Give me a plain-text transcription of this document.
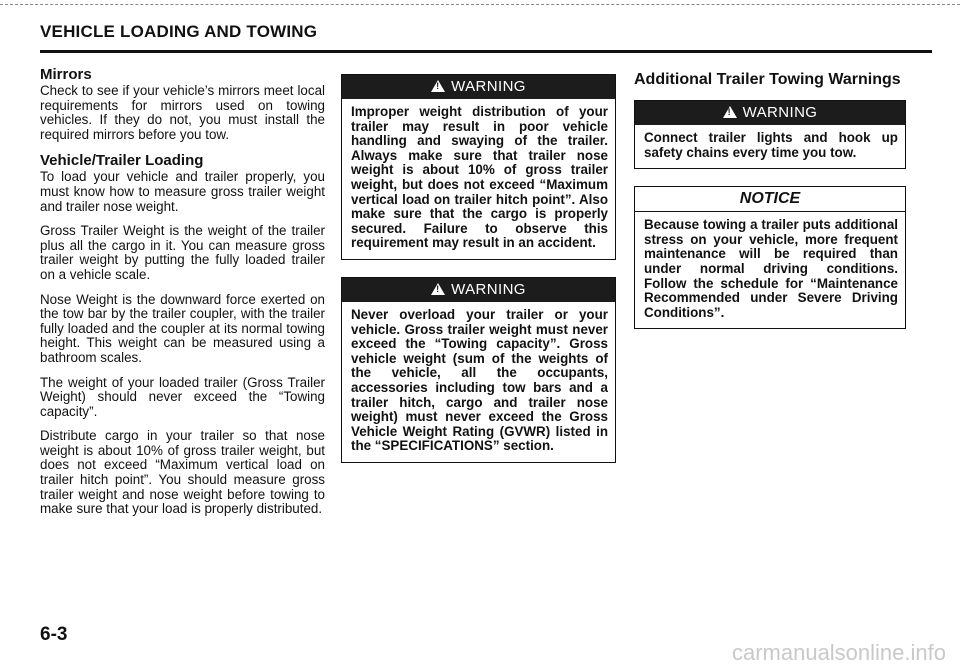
VEHICLE LOADING AND TOWING
Mirrors

Check to see if your vehicle’s mirrors meet local requirements for mirrors used on towing vehicles. If they do not, you must install the required mirrors before you tow.

Vehicle/Trailer Loading

To load your vehicle and trailer properly, you must know how to measure gross trailer weight and trailer nose weight.

Gross Trailer Weight is the weight of the trailer plus all the cargo in it. You can measure gross trailer weight by putting the fully loaded trailer on a vehicle scale.

Nose Weight is the downward force exerted on the tow bar by the trailer coupler, with the trailer fully loaded and the coupler at its normal towing height. This weight can be measured using a bathroom scales.

The weight of your loaded trailer (Gross Trailer Weight) should never exceed the “Towing capacity”.

Distribute cargo in your trailer so that nose weight is about 10% of gross trailer weight, but does not exceed “Maximum vertical load on trailer hitch point”. You should measure gross trailer weight and nose weight before towing to make sure that your load is properly distributed.

!WARNING
Improper weight distribution of your trailer may result in poor vehicle handling and swaying of the trailer. Always make sure that trailer nose weight is about 10% of gross trailer weight, but does not exceed “Maximum vertical load on trailer hitch point”. Also make sure that the cargo is properly secured. Failure to observe this requirement may result in an accident.
!WARNING
Never overload your trailer or your vehicle. Gross trailer weight must never exceed the “Towing capacity”. Gross vehicle weight (sum of the weights of the vehicle, all the occupants, accessories including tow bars and a trailer hitch, cargo and trailer nose weight) must never exceed the Gross Vehicle Weight Rating (GVWR) listed in the “SPECIFICATIONS” section.
Additional Trailer Towing Warnings
!WARNING
Connect trailer lights and hook up safety chains every time you tow.
NOTICE
Because towing a trailer puts additional stress on your vehicle, more frequent maintenance will be required than under normal driving conditions. Follow the schedule for “Maintenance Recommended under Severe Driving Conditions”.
6-3
carmanualsonline.info
